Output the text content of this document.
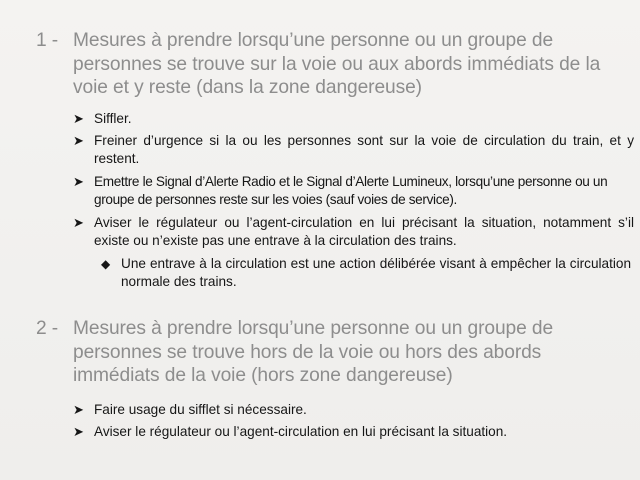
1 - Mesures à prendre lorsqu’une personne ou un groupe de personnes se trouve sur la voie ou aux abords immédiats de la voie et y reste (dans la zone dangereuse)
➤ Siffler.
➤ Freiner d’urgence si la ou les personnes sont sur la voie de circulation du train, et y restent.
➤ Emettre le Signal d’Alerte Radio et le Signal d’Alerte Lumineux, lorsqu’une personne ou un groupe de personnes reste sur les voies (sauf voies de service).
➤ Aviser le régulateur ou l’agent-circulation en lui précisant la situation, notamment s’il existe ou n’existe pas une entrave à la circulation des trains.
◆ Une entrave à la circulation est une action délibérée visant à empêcher la circulation normale des trains.
2 - Mesures à prendre lorsqu’une personne ou un groupe de personnes se trouve hors de la voie ou hors des abords immédiats de la voie (hors zone dangereuse)
➤ Faire usage du sifflet si nécessaire.
➤ Aviser le régulateur ou l’agent-circulation en lui précisant la situation.
